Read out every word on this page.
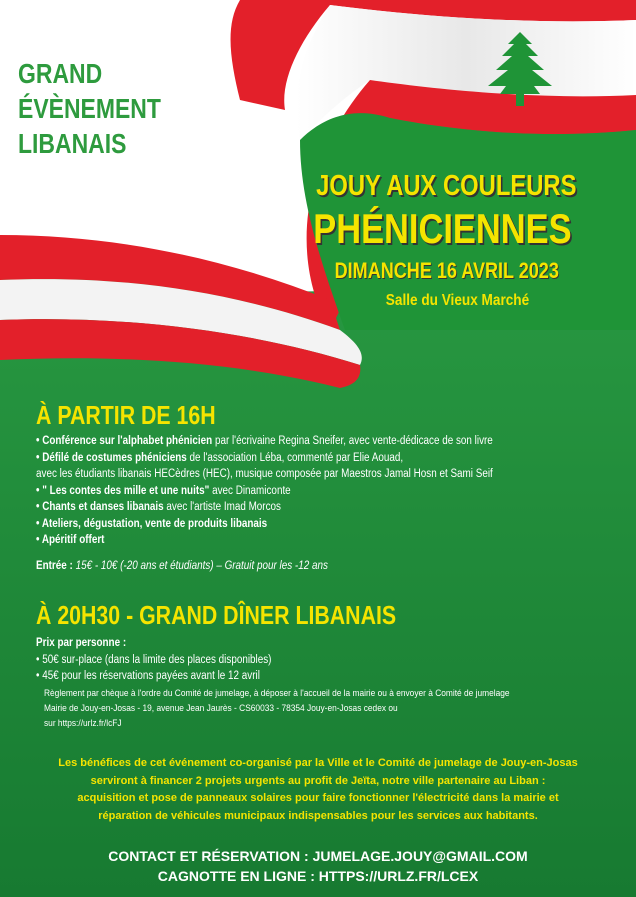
GRAND
ÉVÈNEMENT
LIBANAIS
JOUY AUX COULEURS
PHÉNICIENNES
DIMANCHE 16 AVRIL 2023
Salle du Vieux Marché
À PARTIR DE 16H
• Conférence sur l'alphabet phénicien par l'écrivaine Regina Sneifer, avec vente-dédicace de son livre
• Défilé de costumes phéniciens de l'association Léba, commenté par Elie Aouad,
avec les étudiants libanais HECèdres (HEC), musique composée par Maestros Jamal Hosn et Sami Seif
• " Les contes des mille et une nuits" avec Dinamiconte
• Chants et danses libanais avec l'artiste Imad Morcos
• Ateliers, dégustation, vente de produits libanais
• Apéritif offert
Entrée : 15€ - 10€ (-20 ans et étudiants) – Gratuit pour les -12 ans
À 20H30 - GRAND DÎNER LIBANAIS
Prix par personne :
• 50€ sur-place (dans la limite des places disponibles)
• 45€ pour les réservations payées avant le 12 avril
Règlement par chèque à l'ordre du Comité de jumelage, à déposer à l'accueil de la mairie ou à envoyer à Comité de jumelage
Mairie de Jouy-en-Josas - 19, avenue Jean Jaurès - CS60033 - 78354 Jouy-en-Josas cedex ou
sur https://urlz.fr/lcFJ
Les bénéfices de cet événement co-organisé par la Ville et le Comité de jumelage de Jouy-en-Josas
serviront à financer 2 projets urgents au profit de Jeïta, notre ville partenaire au Liban :
acquisition et pose de panneaux solaires pour faire fonctionner l'électricité dans la mairie et
réparation de véhicules municipaux indispensables pour les services aux habitants.
CONTACT ET RÉSERVATION : JUMELAGE.JOUY@GMAIL.COM
CAGNOTTE EN LIGNE : HTTPS://URLZ.FR/LCEX
